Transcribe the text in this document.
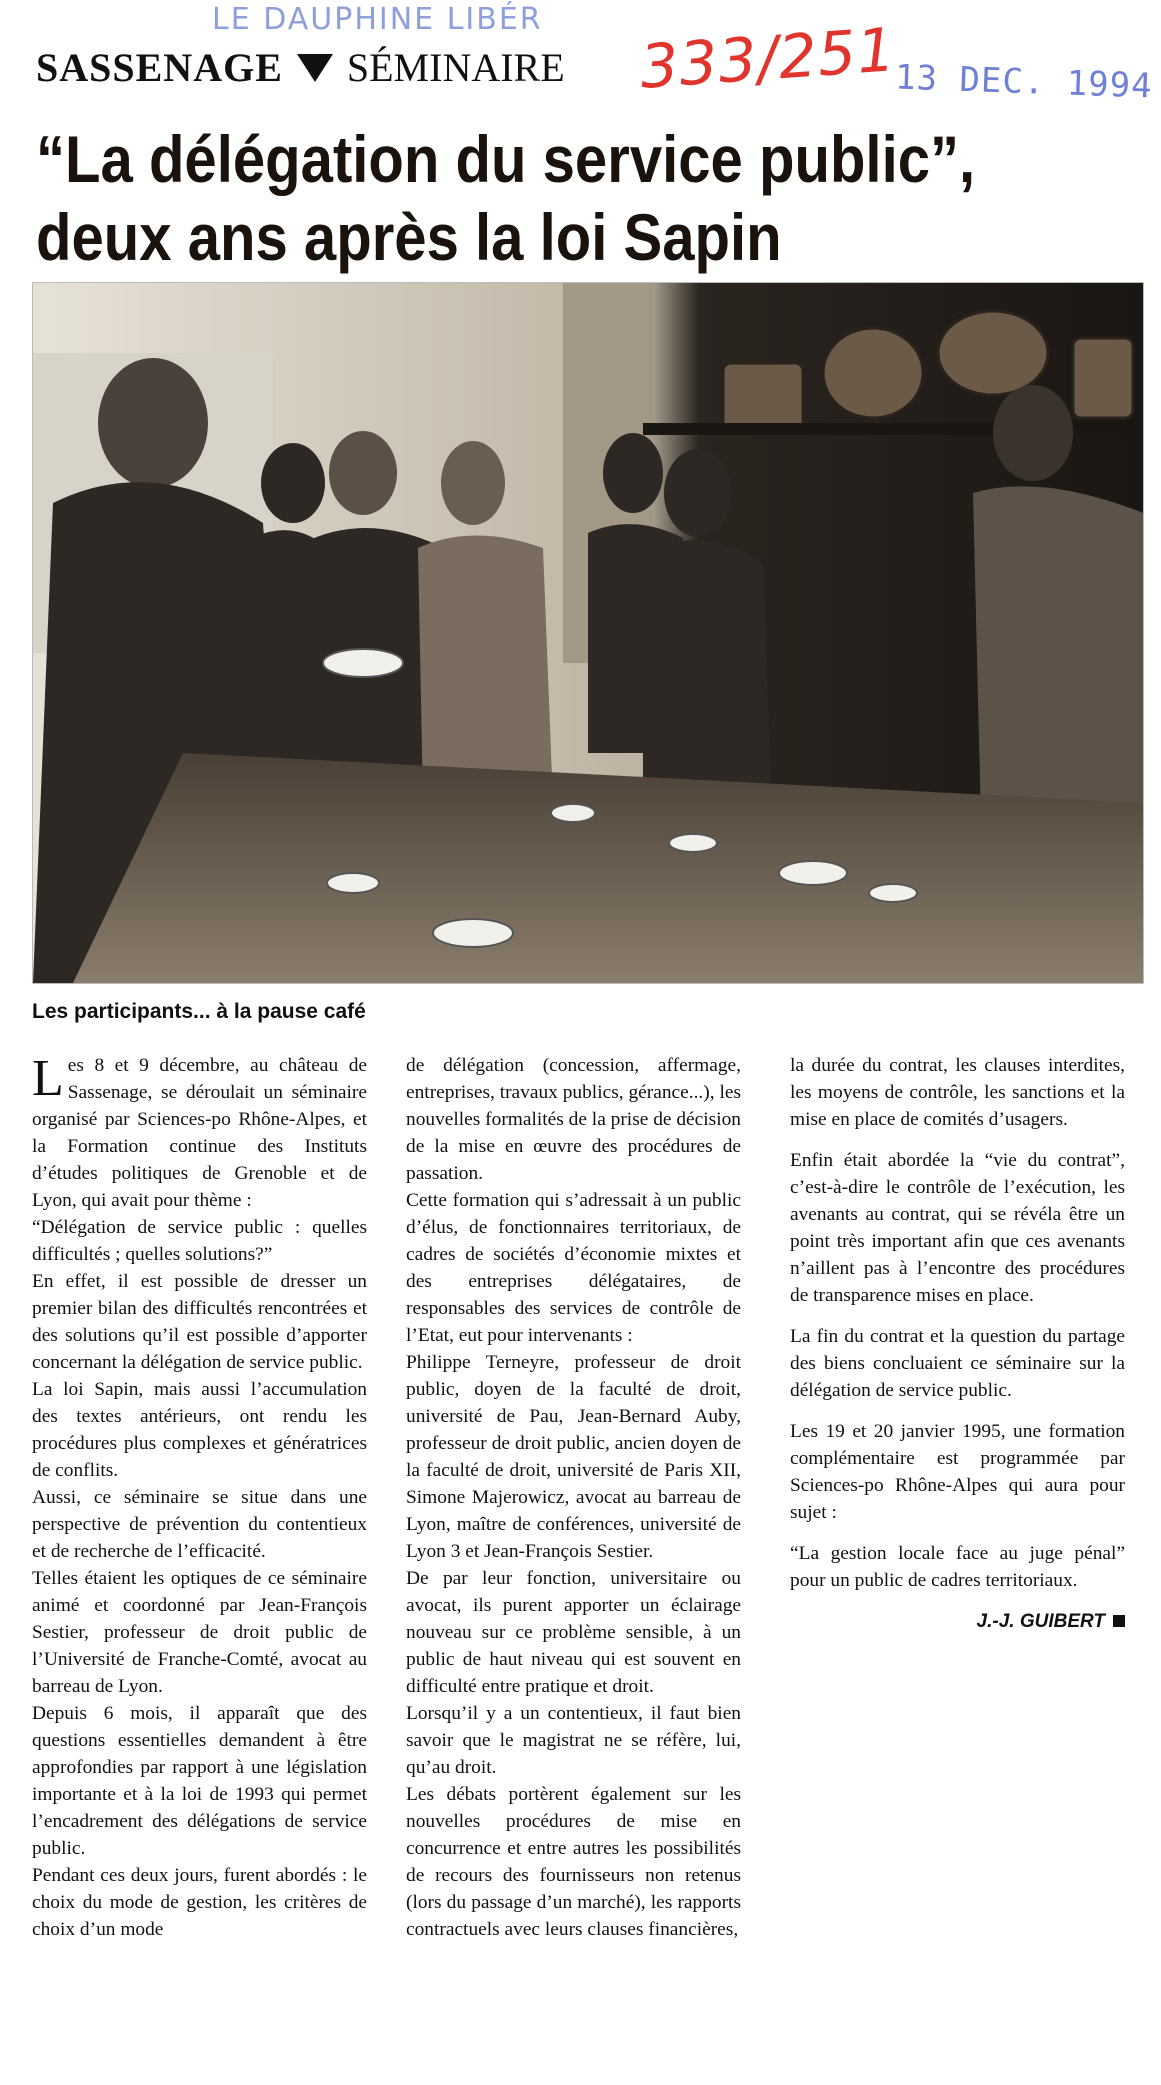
LE DAUPHINE LIBÉR 333/251
13 DEC. 1994
SASSENAGE SÉMINAIRE
“La délégation du service public”,
deux ans après la loi Sapin
Les participants... à la pause café

Les 8 et 9 décembre, au château de Sassenage, se déroulait un séminaire organisé par Sciences-po Rhône-Alpes, et la Formation continue des Instituts d’études politiques de Grenoble et de Lyon, qui avait pour thème :

“Délégation de service public : quelles difficultés ; quelles solutions?”

En effet, il est possible de dresser un premier bilan des difficultés rencontrées et des solutions qu’il est possible d’apporter concernant la délégation de service public.

La loi Sapin, mais aussi l’accumulation des textes antérieurs, ont rendu les procédures plus complexes et génératrices de conflits.

Aussi, ce séminaire se situe dans une perspective de prévention du contentieux et de recherche de l’efficacité.

Telles étaient les optiques de ce séminaire animé et coordonné par Jean-François Sestier, professeur de droit public de l’Université de Franche-Comté, avocat au barreau de Lyon.

Depuis 6 mois, il apparaît que des questions essentielles demandent à être approfondies par rapport à une législation importante et à la loi de 1993 qui permet l’encadrement des délégations de service public.

Pendant ces deux jours, furent abordés : le choix du mode de gestion, les critères de choix d’un mode

de délégation (concession, affermage, entreprises, travaux publics, gérance...), les nouvelles formalités de la prise de décision de la mise en œuvre des procédures de passation.

Cette formation qui s’adressait à un public d’élus, de fonctionnaires territoriaux, de cadres de sociétés d’économie mixtes et des entreprises délégataires, de responsables des services de contrôle de l’Etat, eut pour intervenants :

Philippe Terneyre, professeur de droit public, doyen de la faculté de droit, université de Pau, Jean-Bernard Auby, professeur de droit public, ancien doyen de la faculté de droit, université de Paris XII, Simone Majerowicz, avocat au barreau de Lyon, maître de conférences, université de Lyon 3 et Jean-François Sestier.

De par leur fonction, universitaire ou avocat, ils purent apporter un éclairage nouveau sur ce problème sensible, à un public de haut niveau qui est souvent en difficulté entre pratique et droit.

Lorsqu’il y a un contentieux, il faut bien savoir que le magistrat ne se réfère, lui, qu’au droit.

Les débats portèrent également sur les nouvelles procédures de mise en concurrence et entre autres les possibilités de recours des fournisseurs non retenus (lors du passage d’un marché), les rapports contractuels avec leurs clauses financières,

la durée du contrat, les clauses interdites, les moyens de contrôle, les sanctions et la mise en place de comités d’usagers.

Enfin était abordée la “vie du contrat”, c’est-à-dire le contrôle de l’exécution, les avenants au contrat, qui se révéla être un point très important afin que ces avenants n’aillent pas à l’encontre des procédures de transparence mises en place.

La fin du contrat et la question du partage des biens concluaient ce séminaire sur la délégation de service public.

Les 19 et 20 janvier 1995, une formation complémentaire est programmée par Sciences-po Rhône-Alpes qui aura pour sujet :

“La gestion locale face au juge pénal” pour un public de cadres territoriaux.

J.-J. GUIBERT
